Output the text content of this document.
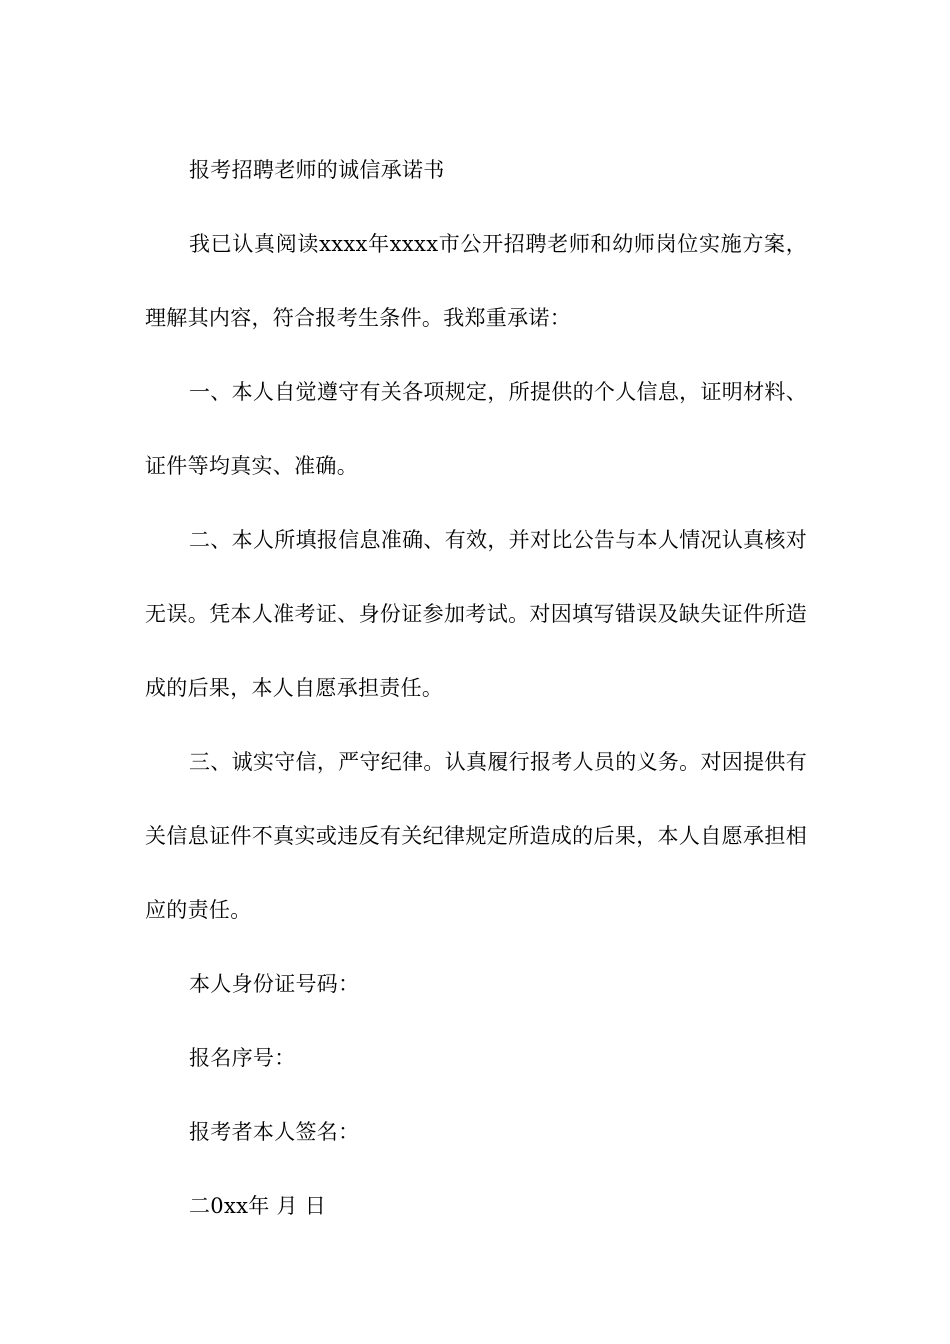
报考招聘老师的诚信承诺书

我已认真阅读xxxx年xxxx市公开招聘老师和幼师岗位实施方案，理解其内容，符合报考生条件。我郑重承诺：

一、本人自觉遵守有关各项规定，所提供的个人信息，证明材料、证件等均真实、准确。

二、本人所填报信息准确、有效，并对比公告与本人情况认真核对无误。凭本人准考证、身份证参加考试。对因填写错误及缺失证件所造成的后果，本人自愿承担责任。

三、诚实守信，严守纪律。认真履行报考人员的义务。对因提供有关信息证件不真实或违反有关纪律规定所造成的后果，本人自愿承担相应的责任。

本人身份证号码：

报名序号：

报考者本人签名：

二0xx年 月 日
